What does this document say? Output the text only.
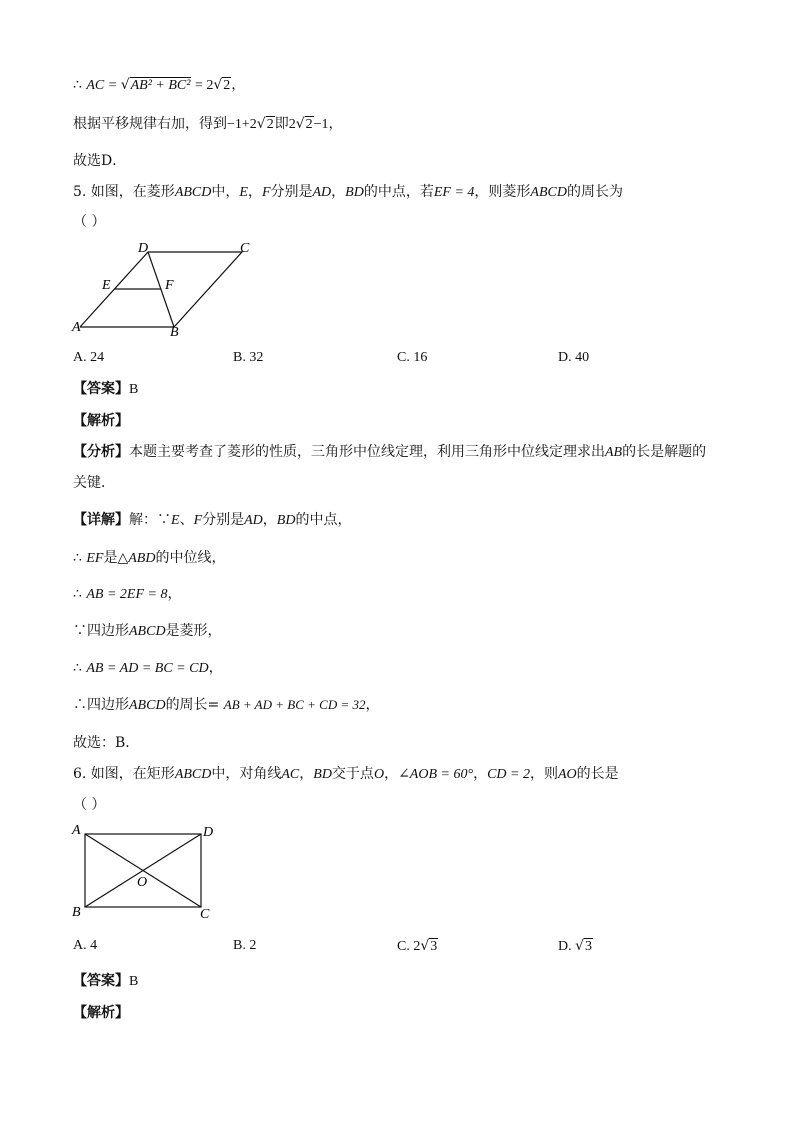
∴ AC = √AB² + BC² = 2√2，
根据平移规律右加，得到−1+2√2即2√2−1，
故选D．
5. 如图，在菱形ABCD中，E，F分别是AD，BD的中点，若EF = 4，则菱形ABCD的周长为
（ ）
D	C
E	F
A	B
A. 24	B. 32	C. 16	D. 40
【答案】B
【解析】
【分析】本题主要考查了菱形的性质，三角形中位线定理，利用三角形中位线定理求出AB的长是解题的
关键．
【详解】解：∵E、F分别是AD，BD的中点，
∴ EF是△ABD的中位线，
∴ AB = 2EF = 8，
∵四边形ABCD是菱形，
∴ AB = AD = BC = CD，
∴四边形ABCD的周长= AB + AD + BC + CD = 32，
故选：B．
6. 如图，在矩形ABCD中，对角线AC，BD交于点O，∠AOB = 60°，CD = 2，则AO的长是
（ ）
A	D
O
B	C
A. 4	B. 2	C. 2√3	D. √3
【答案】B
【解析】
